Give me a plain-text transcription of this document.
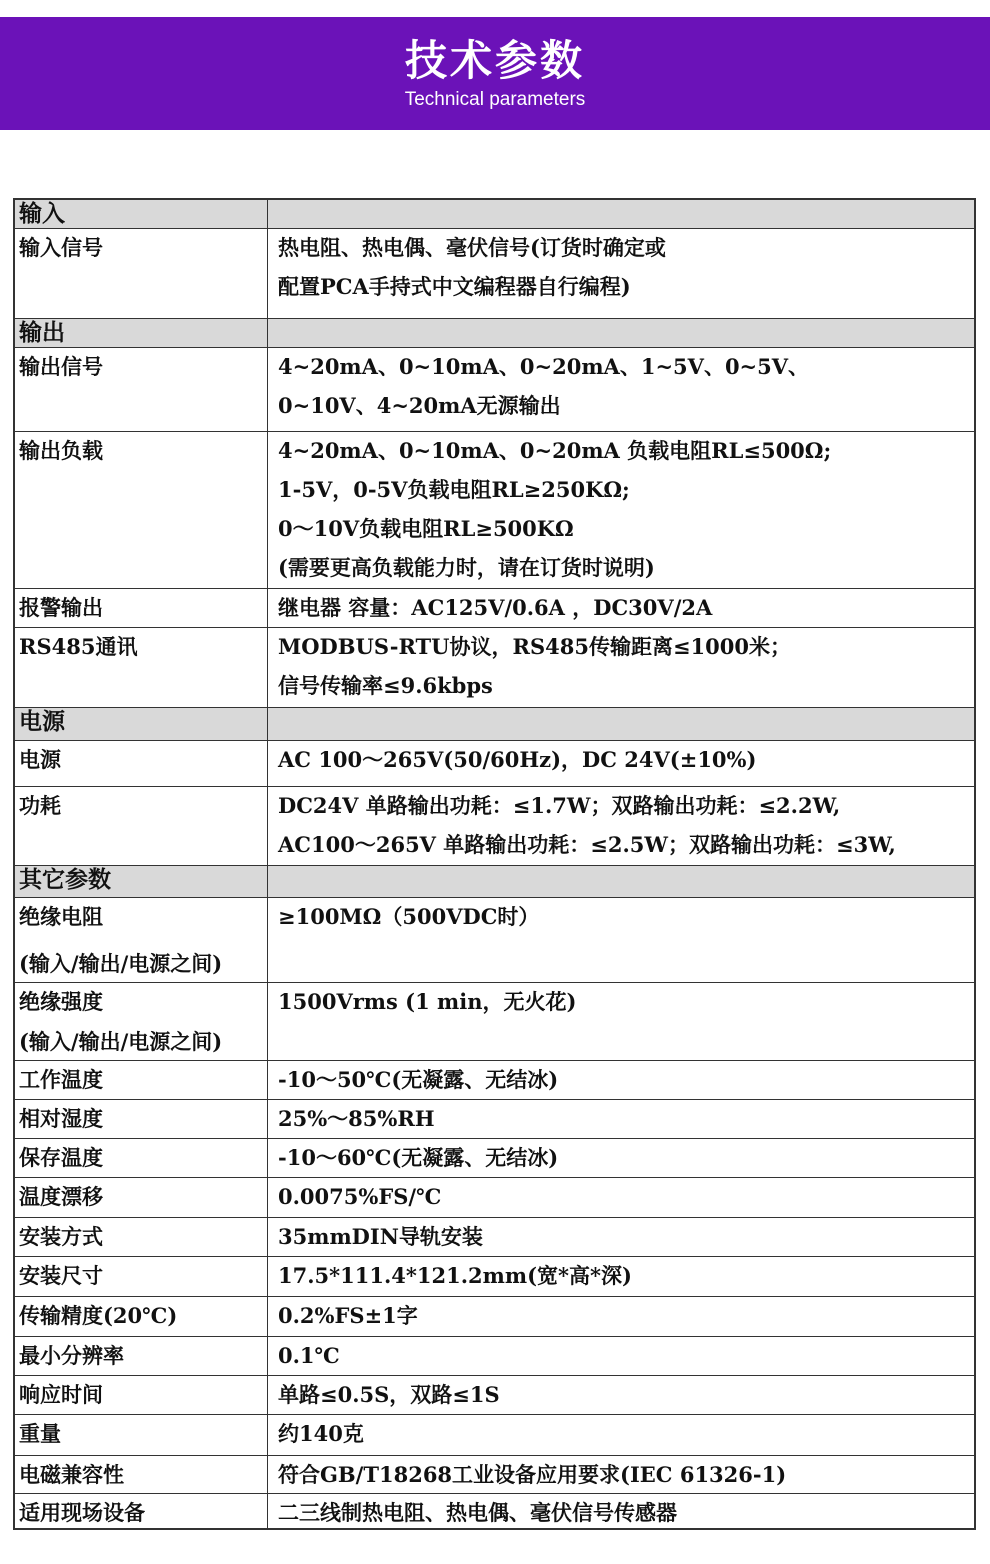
技术参数
Technical parameters
输入
输入信号	热电阻、热电偶、毫伏信号(订货时确定或
配置PCA手持式中文编程器自行编程)
输出
输出信号	4~20mA、0~10mA、0~20mA、1~5V、0~5V、
0~10V、4~20mA无源输出
输出负载	4~20mA、0~10mA、0~20mA 负载电阻RL≤500Ω;
1-5V，0-5V负载电阻RL≥250KΩ;
0～10V负载电阻RL≥500KΩ
(需要更高负载能力时，请在订货时说明)
报警输出	继电器 容量：AC125V/0.6A ，DC30V/2A
RS485通讯	MODBUS-RTU协议，RS485传输距离≤1000米；
信号传输率≤9.6kbps
电源
电源	AC 100～265V(50/60Hz)，DC 24V(±10%)
功耗	DC24V 单路输出功耗：≤1.7W；双路输出功耗：≤2.2W,
AC100～265V 单路输出功耗：≤2.5W；双路输出功耗：≤3W,
其它参数
绝缘电阻	≥100MΩ（500VDC时）
(输入/输出/电源之间)
绝缘强度	1500Vrms (1 min，无火花)
(输入/输出/电源之间)
工作温度	-10～50℃(无凝露、无结冰)
相对湿度	25%～85%RH
保存温度	-10～60℃(无凝露、无结冰)
温度漂移	0.0075%FS/℃
安装方式	35mmDIN导轨安装
安装尺寸	17.5*111.4*121.2mm(宽*高*深)
传输精度(20℃)	0.2%FS±1字
最小分辨率	0.1℃
响应时间	单路≤0.5S，双路≤1S
重量	约140克
电磁兼容性	符合GB/T18268工业设备应用要求(IEC 61326-1)
适用现场设备	二三线制热电阻、热电偶、毫伏信号传感器
